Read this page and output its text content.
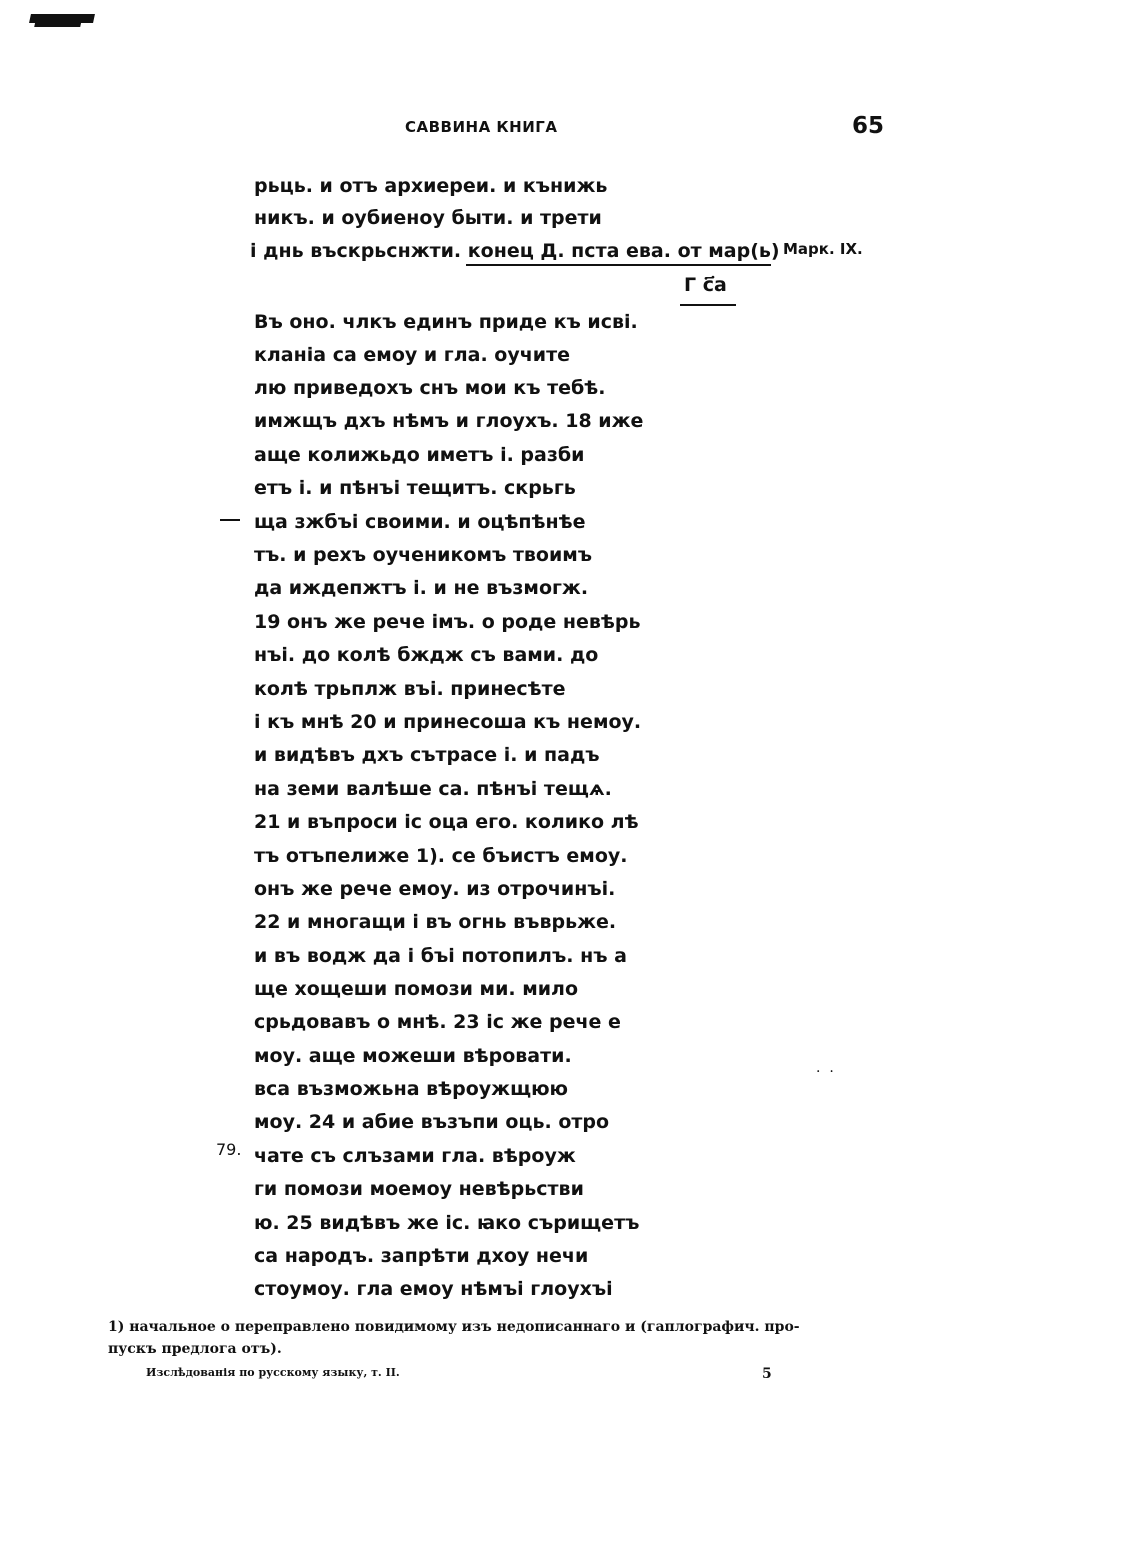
САВВИНА КНИГА	65
рьць. и отъ архиереи. и кънижь
никъ. и оубиеноу быти. и трети
і днь въскрьснжти. конец Д. пста ева. от мар(ь)
Г с҃а
Въ оно. члкъ единъ приде къ исві.
кланіа са емоу и гла. оучите
лю приведохъ снъ мои къ тебѣ.
имжщъ дхъ нѣмъ и глоухъ. 18 иже
аще колижьдо иметъ і. разби
етъ і. и пѣнъі тещитъ. скрьгь
ща зжбъі своими. и оцѣпѣнѣе
тъ. и рехъ оученикомъ твоимъ
да иждепжтъ і. и не възмогж.
19 онъ же рече імъ. о роде невѣрь
нъі. до колѣ бждж съ вами. до
колѣ трьплж въі. принесѣте
і къ мнѣ 20 и принесоша къ немоу.
и видѣвъ дхъ сътрасе і. и падъ
на земи валѣше са. пѣнъі тещѧ.
21 и въпроси іс оца его. колико лѣ
тъ отъпелиже 1). се бъистъ емоу.
онъ же рече емоу. из отрочинъі.
22 и многащи і въ огнь въврьже.
и въ водж да і бъі потопилъ. нъ а
ще хощеши помози ми. мило
срьдовавъ о мнѣ. 23 іс же рече е
моу. аще можеши вѣровати.
вса възможьна вѣроужщюю
моу. 24 и абие възъпи оць. отро
чате съ слъзами гла. вѣроуж
ги помози моемоу невѣрьстви
ю. 25 видѣвъ же іс. ꙗко сърищетъ
са народъ. запрѣти дхоу нечи
стоумоу. гла емоу нѣмъі глоухъі
Марк. IX.
79.
·  ·
1) начальное о переправлено повидимому изъ недописаннаго и (гаплографич. про-
пускъ предлога отъ).
Изслѣдованія по русскому языку, т. II.	5
